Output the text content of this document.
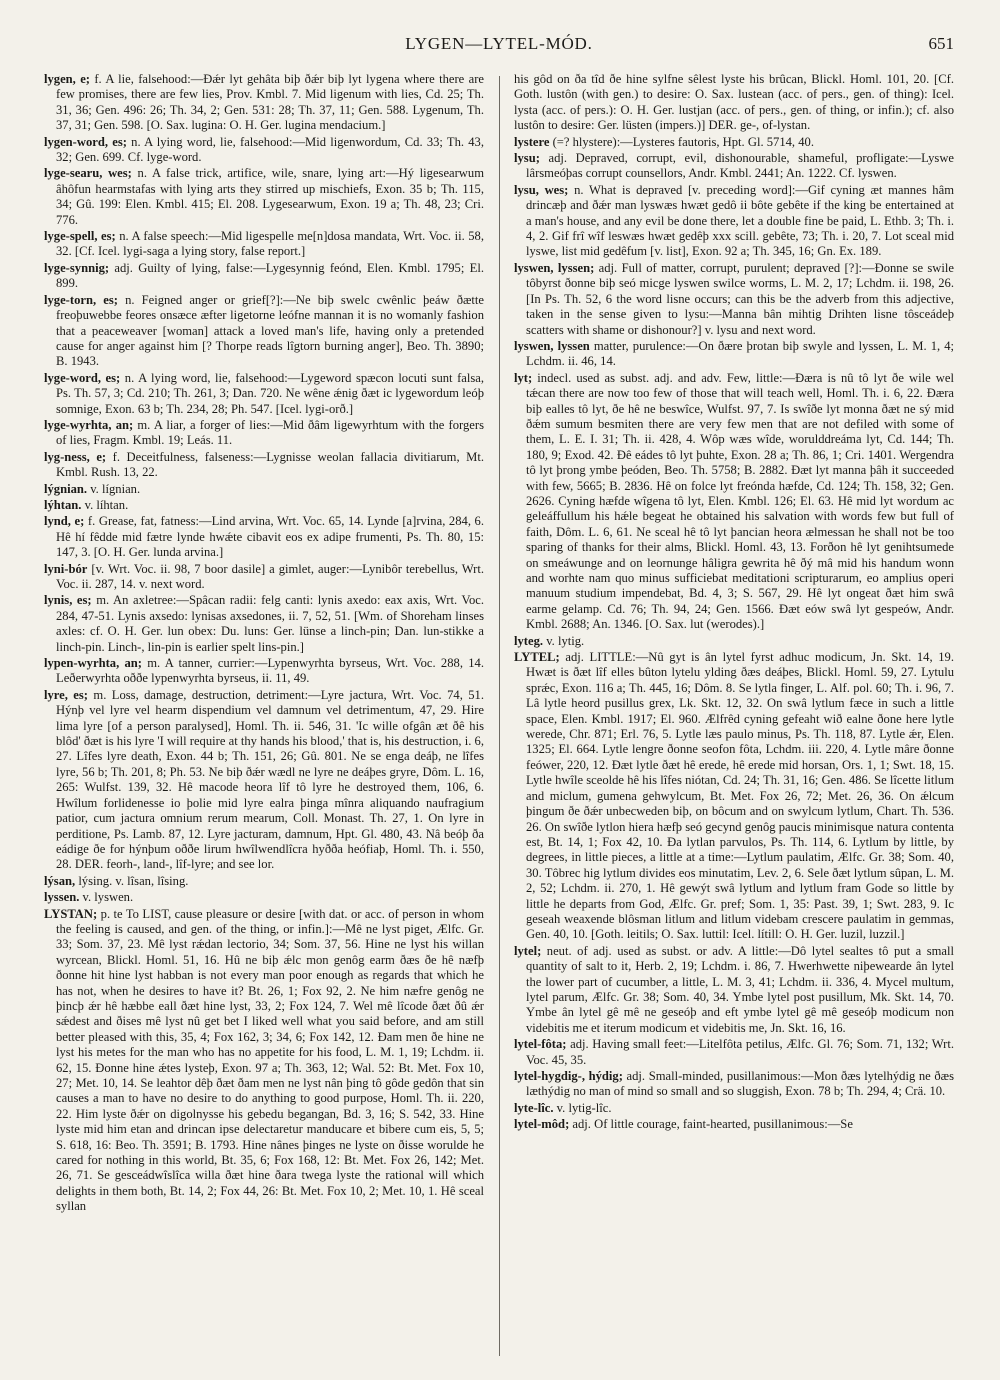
LYGEN—LYTEL-MÓD.	651

lygen, e; f. A lie, falsehood:—Ðǽr lyt gehâta biþ ðǽr biþ lyt lygena where there are few promises, there are few lies, Prov. Kmbl. 7. Mid ligenum with lies, Cd. 25; Th. 31, 36; Gen. 496: 26; Th. 34, 2; Gen. 531: 28; Th. 37, 11; Gen. 588. Lygenum, Th. 37, 31; Gen. 598. [O. Sax. lugina: O. H. Ger. lugina mendacium.]

lygen-word, es; n. A lying word, lie, falsehood:—Mid ligenwordum, Cd. 33; Th. 43, 32; Gen. 699. Cf. lyge-word.

lyge-searu, wes; n. A false trick, artifice, wile, snare, lying art:—Hý ligesearwum âhôfun hearmstafas with lying arts they stirred up mischiefs, Exon. 35 b; Th. 115, 34; Gû. 199: Elen. Kmbl. 415; El. 208. Lygesearwum, Exon. 19 a; Th. 48, 23; Cri. 776.

lyge-spell, es; n. A false speech:—Mid ligespelle me[n]dosa mandata, Wrt. Voc. ii. 58, 32. [Cf. Icel. lygi-saga a lying story, false report.]

lyge-synnig; adj. Guilty of lying, false:—Lygesynnig feónd, Elen. Kmbl. 1795; El. 899.

lyge-torn, es; n. Feigned anger or grief[?]:—Ne biþ swelc cwênlic þeáw ðætte freoþuwebbe feores onsæce æfter ligetorne leófne mannan it is no womanly fashion that a peaceweaver [woman] attack a loved man's life, having only a pretended cause for anger against him [? Thorpe reads lîgtorn burning anger], Beo. Th. 3890; B. 1943.

lyge-word, es; n. A lying word, lie, falsehood:—Lygeword spæcon locuti sunt falsa, Ps. Th. 57, 3; Cd. 210; Th. 261, 3; Dan. 720. Ne wêne ǽnig ðæt ic lygewordum leóþ somnige, Exon. 63 b; Th. 234, 28; Ph. 547. [Icel. lygi-orð.]

lyge-wyrhta, an; m. A liar, a forger of lies:—Mid ðâm ligewyrhtum with the forgers of lies, Fragm. Kmbl. 19; Leás. 11.

lyg-ness, e; f. Deceitfulness, falseness:—Lygnisse weolan fallacia divitiarum, Mt. Kmbl. Rush. 13, 22.

lýgnian. v. lígnian.

lýhtan. v. líhtan.

lynd, e; f. Grease, fat, fatness:—Lind arvina, Wrt. Voc. 65, 14. Lynde [a]rvina, 284, 6. Hê hí fêdde mid fætre lynde hwǽte cibavit eos ex adipe frumenti, Ps. Th. 80, 15: 147, 3. [O. H. Ger. lunda arvina.]

lyni-bór [v. Wrt. Voc. ii. 98, 7 boor dasile] a gimlet, auger:—Lynibôr terebellus, Wrt. Voc. ii. 287, 14. v. next word.

lynis, es; m. An axletree:—Spâcan radii: felg canti: lynis axedo: eax axis, Wrt. Voc. 284, 47-51. Lynis axsedo: lynisas axsedones, ii. 7, 52, 51. [Wm. of Shoreham linses axles: cf. O. H. Ger. lun obex: Du. luns: Ger. lünse a linch-pin; Dan. lun-stikke a linch-pin. Linch-, lin-pin is earlier spelt lins-pin.]

lypen-wyrhta, an; m. A tanner, currier:—Lypenwyrhta byrseus, Wrt. Voc. 288, 14. Leðerwyrhta oððe lypenwyrhta byrseus, ii. 11, 49.

lyre, es; m. Loss, damage, destruction, detriment:—Lyre jactura, Wrt. Voc. 74, 51. Hýnþ vel lyre vel hearm dispendium vel damnum vel detrimentum, 47, 29. Hire lima lyre [of a person paralysed], Homl. Th. ii. 546, 31. 'Ic wille ofgân æt ðê his blôd' ðæt is his lyre 'I will require at thy hands his blood,' that is, his destruction, i. 6, 27. Lîfes lyre death, Exon. 44 b; Th. 151, 26; Gû. 801. Ne se enga deáþ, ne lîfes lyre, 56 b; Th. 201, 8; Ph. 53. Ne biþ ðǽr wædl ne lyre ne deáþes gryre, Dôm. L. 16, 265: Wulfst. 139, 32. Hê macode heora lîf tô lyre he destroyed them, 106, 6. Hwîlum forlidenesse io þolie mid lyre ealra þinga mînra aliquando naufragium patior, cum jactura omnium rerum mearum, Coll. Monast. Th. 27, 1. On lyre in perditione, Ps. Lamb. 87, 12. Lyre jacturam, damnum, Hpt. Gl. 480, 43. Nâ beóþ ða eádige ðe for hýnþum oððe lirum hwîlwendlîcra hyðða heófiaþ, Homl. Th. i. 550, 28. DER. feorh-, land-, lîf-lyre; and see lor.

lýsan, lýsing. v. lîsan, lîsing.

lyssen. v. lyswen.

LYSTAN; p. te To LIST, cause pleasure or desire [with dat. or acc. of person in whom the feeling is caused, and gen. of the thing, or infin.]:—Mê ne lyst piget, Ælfc. Gr. 33; Som. 37, 23. Mê lyst rǽdan lectorio, 34; Som. 37, 56. Hine ne lyst his willan wyrcean, Blickl. Homl. 51, 16. Hû ne biþ ǽlc mon genôg earm ðæs ðe hê næfþ ðonne hit hine lyst habban is not every man poor enough as regards that which he has not, when he desires to have it? Bt. 26, 1; Fox 92, 2. Ne him næfre genôg ne þincþ ǽr hê hæbbe eall ðæt hine lyst, 33, 2; Fox 124, 7. Wel mê lîcode ðæt ðû ǽr sǽdest and ðises mê lyst nû get bet I liked well what you said before, and am still better pleased with this, 35, 4; Fox 162, 3; 34, 6; Fox 142, 12. Ðam men ðe hine ne lyst his metes for the man who has no appetite for his food, L. M. 1, 19; Lchdm. ii. 62, 15. Ðonne hine ǽtes lysteþ, Exon. 97 a; Th. 363, 12; Wal. 52: Bt. Met. Fox 10, 27; Met. 10, 14. Se leahtor dêþ ðæt ðam men ne lyst nân þing tô gôde gedôn that sin causes a man to have no desire to do anything to good purpose, Homl. Th. ii. 220, 22. Him lyste ðǽr on digolnysse his gebedu begangan, Bd. 3, 16; S. 542, 33. Hine lyste mid him etan and drincan ipse delectaretur manducare et bibere cum eis, 5, 5; S. 618, 16: Beo. Th. 3591; B. 1793. Hine nânes þinges ne lyste on ðisse worulde he cared for nothing in this world, Bt. 35, 6; Fox 168, 12: Bt. Met. Fox 26, 142; Met. 26, 71. Se gesceádwîslîca willa ðæt hine ðara twega lyste the rational will which delights in them both, Bt. 14, 2; Fox 44, 26: Bt. Met. Fox 10, 2; Met. 10, 1. Hê sceal syllan

his gôd on ða tîd ðe hine sylfne sêlest lyste his brûcan, Blickl. Homl. 101, 20. [Cf. Goth. lustôn (with gen.) to desire: O. Sax. lustean (acc. of pers., gen. of thing): Icel. lysta (acc. of pers.): O. H. Ger. lustjan (acc. of pers., gen. of thing, or infin.); cf. also lustôn to desire: Ger. lüsten (impers.)] DER. ge-, of-lystan.

lystere (=? hlystere):—Lysteres fautoris, Hpt. Gl. 5714, 40.

lysu; adj. Depraved, corrupt, evil, dishonourable, shameful, profligate:—Lyswe lârsmeóþas corrupt counsellors, Andr. Kmbl. 2441; An. 1222. Cf. lyswen.

lysu, wes; n. What is depraved [v. preceding word]:—Gif cyning æt mannes hâm drincæþ and ðǽr man lyswæs hwæt gedô ii bôte gebête if the king be entertained at a man's house, and any evil be done there, let a double fine be paid, L. Ethb. 3; Th. i. 4, 2. Gif frî wîf leswæs hwæt gedêþ xxx scill. gebête, 73; Th. i. 20, 7. Lot sceal mid lyswe, list mid gedêfum [v. list], Exon. 92 a; Th. 345, 16; Gn. Ex. 189.

lyswen, lyssen; adj. Full of matter, corrupt, purulent; depraved [?]:—Ðonne se swile tôbyrst ðonne biþ seó micge lyswen swilce worms, L. M. 2, 17; Lchdm. ii. 198, 26. [In Ps. Th. 52, 6 the word lisne occurs; can this be the adverb from this adjective, taken in the sense given to lysu:—Manna bân mihtig Drihten lisne tôsceádeþ scatters with shame or dishonour?] v. lysu and next word.

lyswen, lyssen matter, purulence:—On ðære þrotan biþ swyle and lyssen, L. M. 1, 4; Lchdm. ii. 46, 14.

lyt; indecl. used as subst. adj. and adv. Few, little:—Ðæra is nû tô lyt ðe wile wel tǽcan there are now too few of those that will teach well, Homl. Th. i. 6, 22. Ðæra biþ ealles tô lyt, ðe hê ne beswîce, Wulfst. 97, 7. Is swîðe lyt monna ðæt ne sý mid ðǽm sumum besmiten there are very few men that are not defiled with some of them, L. E. I. 31; Th. ii. 428, 4. Wôp wæs wîde, worulddreáma lyt, Cd. 144; Th. 180, 9; Exod. 42. Ðê eádes tô lyt þuhte, Exon. 28 a; Th. 86, 1; Cri. 1401. Wergendra tô lyt þrong ymbe þeóden, Beo. Th. 5758; B. 2882. Ðæt lyt manna þâh it succeeded with few, 5665; B. 2836. Hê on folce lyt freónda hæfde, Cd. 124; Th. 158, 32; Gen. 2626. Cyning hæfde wîgena tô lyt, Elen. Kmbl. 126; El. 63. Hê mid lyt wordum ac geleáffullum his hǽle begeat he obtained his salvation with words few but full of faith, Dôm. L. 6, 61. Ne sceal hê tô lyt þancian heora ælmessan he shall not be too sparing of thanks for their alms, Blickl. Homl. 43, 13. Forðon hê lyt genihtsumede on smeáwunge and on leornunge hâligra gewrita hê ðý mâ mid his handum wonn and worhte nam quo minus sufficiebat meditationi scripturarum, eo amplius operi manuum studium impendebat, Bd. 4, 3; S. 567, 29. Hê lyt ongeat ðæt him swâ earme gelamp. Cd. 76; Th. 94, 24; Gen. 1566. Ðæt eów swâ lyt gespeów, Andr. Kmbl. 2688; An. 1346. [O. Sax. lut (werodes).]

lyteg. v. lytig.

LYTEL; adj. LITTLE:—Nû gyt is ân lytel fyrst adhuc modicum, Jn. Skt. 14, 19. Hwæt is ðæt lîf elles bûton lytelu ylding ðæs deáþes, Blickl. Homl. 59, 27. Lytulu sprǽc, Exon. 116 a; Th. 445, 16; Dôm. 8. Se lytla finger, L. Alf. pol. 60; Th. i. 96, 7. Lâ lytle heord pusillus grex, Lk. Skt. 12, 32. On swâ lytlum fæce in such a little space, Elen. Kmbl. 1917; El. 960. Ælfrêd cyning gefeaht wið ealne ðone here lytle werede, Chr. 871; Erl. 76, 5. Lytle læs paulo minus, Ps. Th. 118, 87. Lytle ǽr, Elen. 1325; El. 664. Lytle lengre ðonne seofon fôta, Lchdm. iii. 220, 4. Lytle mâre ðonne feówer, 220, 12. Ðæt lytle ðæt hê erede, hê erede mid horsan, Ors. 1, 1; Swt. 18, 15. Lytle hwîle sceolde hê his lîfes niótan, Cd. 24; Th. 31, 16; Gen. 486. Se lîcette litlum and miclum, gumena gehwylcum, Bt. Met. Fox 26, 72; Met. 26, 36. On ǽlcum þingum ðe ðǽr unbecweden biþ, on bôcum and on swylcum lytlum, Chart. Th. 536. 26. On swîðe lytlon hiera hæfþ seó gecynd genôg paucis minimisque natura contenta est, Bt. 14, 1; Fox 42, 10. Ða lytlan parvulos, Ps. Th. 114, 6. Lytlum by little, by degrees, in little pieces, a little at a time:—Lytlum paulatim, Ælfc. Gr. 38; Som. 40, 30. Tôbrec hig lytlum divides eos minutatim, Lev. 2, 6. Sele ðæt lytlum sûpan, L. M. 2, 52; Lchdm. ii. 270, 1. Hê gewýt swâ lytlum and lytlum fram Gode so little by little he departs from God, Ælfc. Gr. pref; Som. 1, 35: Past. 39, 1; Swt. 283, 9. Ic geseah weaxende blôsman litlum and litlum videbam crescere paulatim in gemmas, Gen. 40, 10. [Goth. leitils; O. Sax. luttil: Icel. lítill: O. H. Ger. luzil, luzzil.]

lytel; neut. of adj. used as subst. or adv. A little:—Dô lytel sealtes tô put a small quantity of salt to it, Herb. 2, 19; Lchdm. i. 86, 7. Hwerhwette niþewearde ân lytel the lower part of cucumber, a little, L. M. 3, 41; Lchdm. ii. 336, 4. Mycel multum, lytel parum, Ælfc. Gr. 38; Som. 40, 34. Ymbe lytel post pusillum, Mk. Skt. 14, 70. Ymbe ân lytel gê mê ne geseóþ and eft ymbe lytel gê mê geseóþ modicum non videbitis me et iterum modicum et videbitis me, Jn. Skt. 16, 16.

lytel-fôta; adj. Having small feet:—Litelfôta petilus, Ælfc. Gl. 76; Som. 71, 132; Wrt. Voc. 45, 35.

lytel-hygdig-, hýdig; adj. Small-minded, pusillanimous:—Mon ðæs lytelhýdig ne ðæs læthýdig no man of mind so small and so sluggish, Exon. 78 b; Th. 294, 4; Crä. 10.

lyte-lîc. v. lytig-lîc.

lytel-môd; adj. Of little courage, faint-hearted, pusillanimous:—Se
